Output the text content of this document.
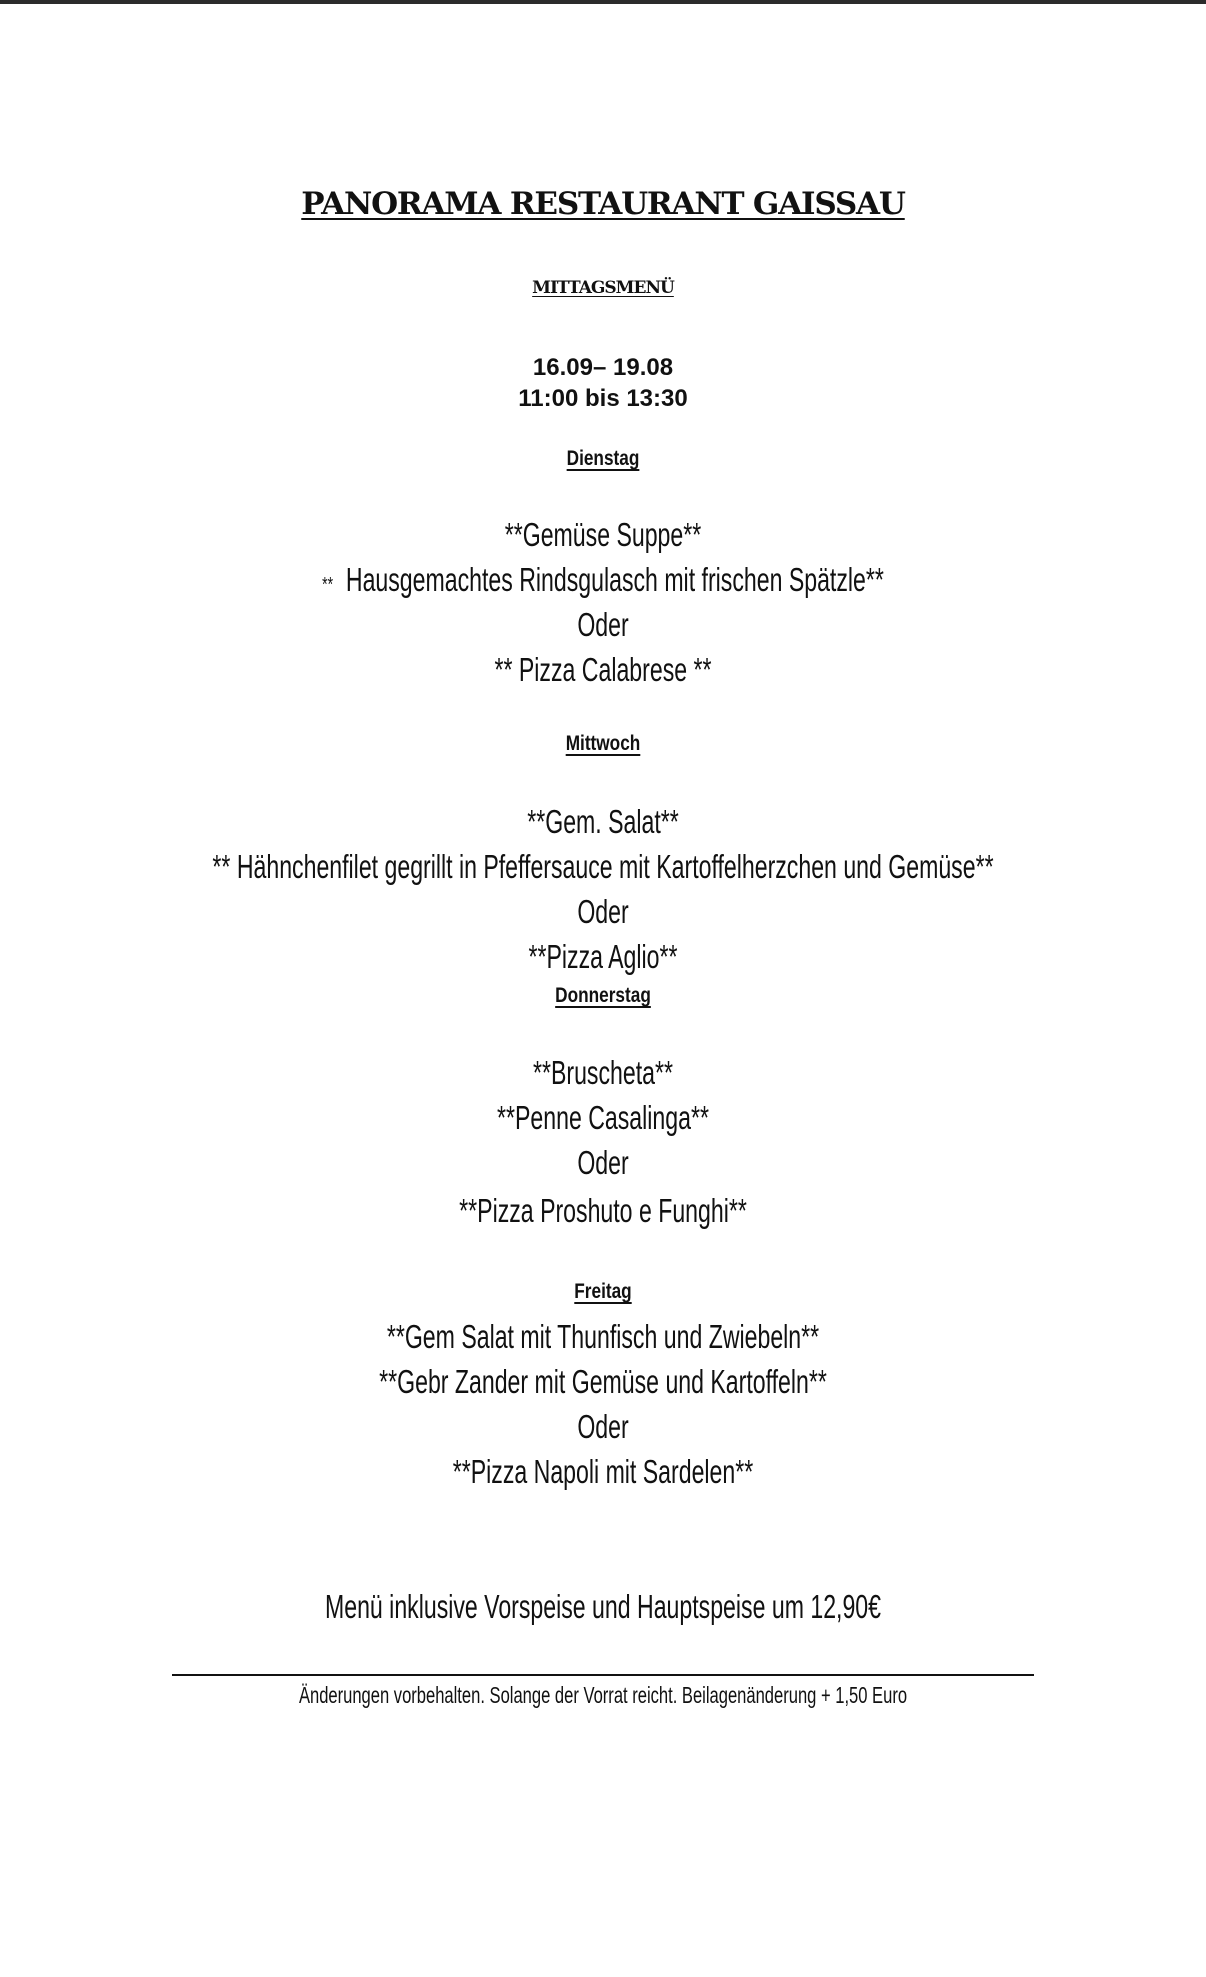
PANORAMA RESTAURANT GAISSAU
MITTAGSMENÜ
16.09– 19.08
11:00 bis 13:30
Dienstag
**Gemüse Suppe**
** Hausgemachtes Rindsgulasch mit frischen Spätzle**
Oder
** Pizza Calabrese **
Mittwoch
**Gem. Salat**
** Hähnchenfilet gegrillt in Pfeffersauce mit Kartoffelherzchen und Gemüse**
Oder
**Pizza Aglio**
Donnerstag
**Bruscheta**
**Penne Casalinga**
Oder
**Pizza Proshuto e Funghi**
Freitag
**Gem Salat mit Thunfisch und Zwiebeln**
**Gebr Zander mit Gemüse und Kartoffeln**
Oder
**Pizza Napoli mit Sardelen**
Menü inklusive Vorspeise und Hauptspeise um 12,90€
Änderungen vorbehalten. Solange der Vorrat reicht. Beilagenänderung + 1,50 Euro
